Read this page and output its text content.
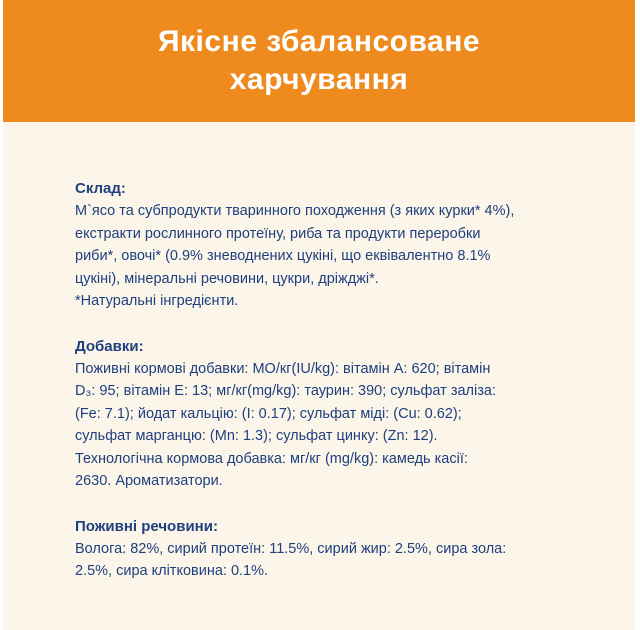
Якісне збалансоване
харчування
Склад:
М`ясо та субпродукти тваринного походження (з яких курки* 4%),
екстракти рослинного протеїну, риба та продукти переробки
риби*, овочі* (0.9% зневоднених цукіні, що еквівалентно 8.1%
цукіні), мінеральні речовини, цукри, дріжджі*.
*Натуральні інгредієнти.
Добавки:
Поживні кормові добавки: МО/кг(IU/kg): вітамін А: 620; вітамін
D₃: 95; вітамін Е: 13; мг/кг(mg/kg): таурин: 390; сульфат заліза:
(Fe: 7.1); йодат кальцію: (I: 0.17); сульфат міді: (Cu: 0.62);
сульфат марганцю: (Mn: 1.3); сульфат цинку: (Zn: 12).
Технологічна кормова добавка: мг/кг (mg/kg): камедь касії:
2630. Ароматизатори.
Поживні речовини:
Волога: 82%, сирий протеїн: 11.5%, сирий жир: 2.5%, сира зола:
2.5%, сира клітковина: 0.1%.
